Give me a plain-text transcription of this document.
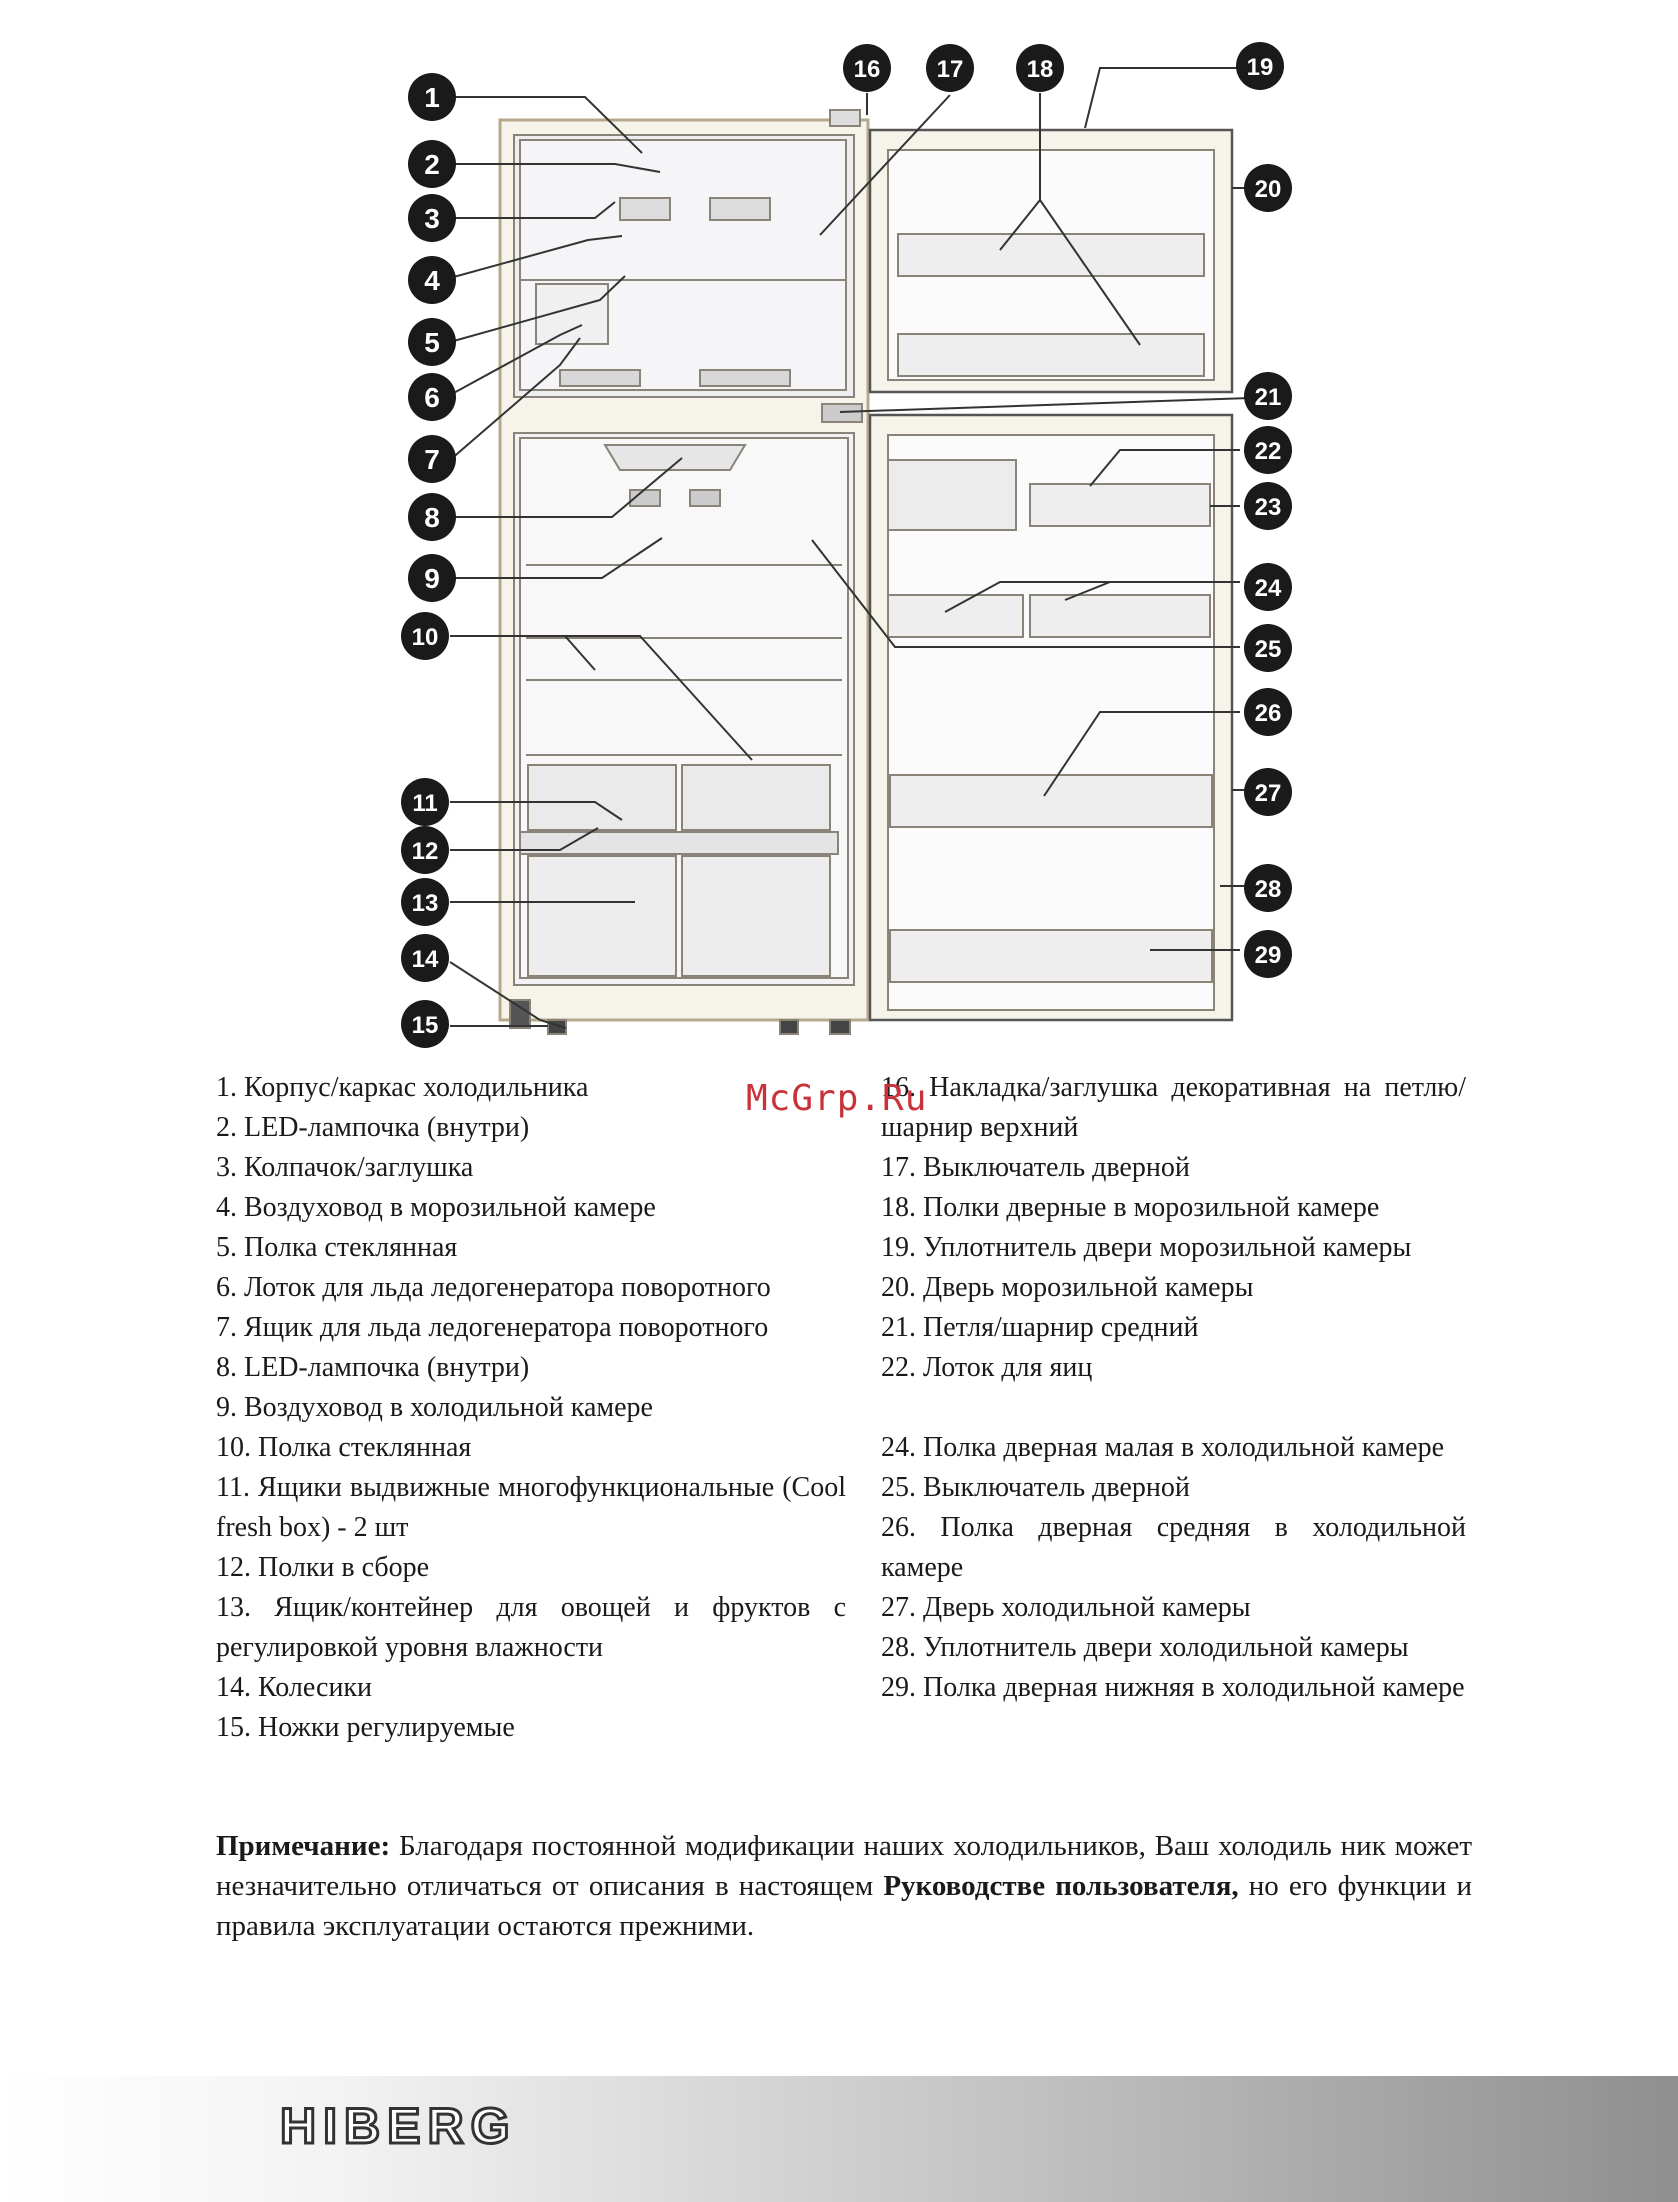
1
2
3
4
5
6
7
8
9
10
11
12
13
14
15
16 17	18	19
20
21
22
23
24
25
26
27
28
29

1. Корпус/каркас холодильника

2. LED-лампочка (внутри)

3. Колпачок/заглушка

4. Воздуховод в морозильной камере

5. Полка стеклянная

6. Лоток для льда ледогенератора поворотного

7. Ящик для льда ледогенератора поворотного

8. LED-лампочка (внутри)

9. Воздуховод в холодильной камере

10. Полка стеклянная

11. Ящики выдвижные многофункциональные (Cool fresh box) - 2 шт

12. Полки в сборе

13. Ящик/контейнер для овощей и фруктов с регулировкой уровня влажности

14. Колесики

15. Ножки регулируемые

16. Накладка/заглушка декоративная на петлю/шарнир верхний

17. Выключатель дверной

18. Полки дверные в морозильной камере

19. Уплотнитель двери морозильной камеры

20. Дверь морозильной камеры

21. Петля/шарнир средний

22. Лоток для яиц

24. Полка дверная малая в холодильной камере

25. Выключатель дверной

26. Полка дверная средняя в холодильной камере

27. Дверь холодильной камеры

28. Уплотнитель двери холодильной камеры

29. Полка дверная нижняя в холодильной камере

McGrp.Ru
Примечание: Благодаря постоянной модификации наших холодильников, Ваш холодиль ник может незначительно отличаться от описания в настоящем Руководстве пользователя, но его функции и правила эксплуатации остаются прежними.
HIBERG
